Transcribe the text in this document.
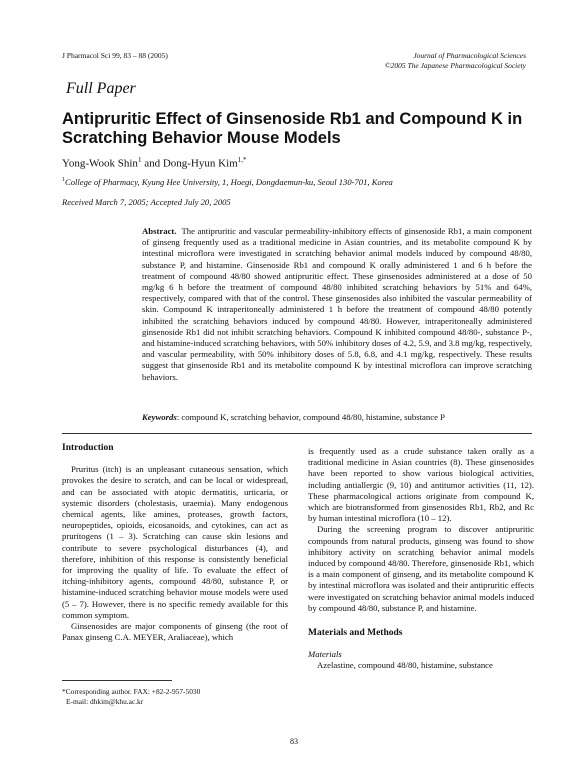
J Pharmacol Sci 99, 83 – 88 (2005)	Journal of Pharmacological Sciences
©2005 The Japanese Pharmacological Society
Full Paper
Antipruritic Effect of Ginsenoside Rb1 and Compound K in Scratching Behavior Mouse Models
Yong-Wook Shin$^1$ and Dong-Hyun Kim$^{1,*}$
$^1$College of Pharmacy, Kyung Hee University, 1, Hoegi, Dongdaemun-ku, Seoul 130-701, Korea
Received March 7, 2005; Accepted July 20, 2005
Abstract. The antipruritic and vascular permeability-inhibitory effects of ginsenoside Rb1, a main component of ginseng frequently used as a traditional medicine in Asian countries, and its metabolite compound K by intestinal microflora were investigated in scratching behavior animal models induced by compound 48/80, substance P, and histamine. Ginsenoside Rb1 and compound K orally administered 1 and 6 h before the treatment of compound 48/80 showed antipruritic effect. These ginsenosides administered at a dose of 50 mg/kg 6 h before the treatment of compound 48/80 inhibited scratching behaviors by 51% and 64%, respectively, compared with that of the control. These ginsenosides also inhibited the vascular permeability of skin. Compound K intraperitoneally administered 1 h before the treatment of compound 48/80 potently inhibited the scratching behaviors induced by compound 48/80. However, intraperitoneally administered ginsenoside Rb1 did not inhibit scratching behaviors. Compound K inhibited compound 48/80-, substance P-, and histamine-induced scratching behaviors, with 50% inhibitory doses of 4.2, 5.9, and 3.8 mg/kg, respectively, and vascular permeability, with 50% inhibitory doses of 5.8, 6.8, and 4.1 mg/kg, respectively. These results suggest that ginsenoside Rb1 and its metabolite compound K by intestinal microflora can improve scratching behaviors.
Keywords: compound K, scratching behavior, compound 48/80, histamine, substance P
Introduction

Pruritus (itch) is an unpleasant cutaneous sensation, which provokes the desire to scratch, and can be local or widespread, and can be associated with atopic dermatitis, urticaria, or systemic disorders (cholestasis, uraemia). Many endogenous chemical agents, like amines, proteases, growth factors, neuropeptides, opioids, eicosanoids, and cytokines, can act as pruritogens (1 – 3). Scratching can cause skin lesions and contribute to severe psychological disturbances (4), and therefore, inhibition of this response is consistently beneficial for improving the quality of life. To evaluate the effect of itching-inhibitory agents, compound 48/80, substance P, or histamine-induced scratching behavior mouse models were used (5 – 7). However, there is no specific remedy available for this common symptom.

Ginsenosides are major components of ginseng (the root of Panax ginseng C.A. MEYER, Araliaceae), which

is frequently used as a crude substance taken orally as a traditional medicine in Asian countries (8). These ginsenosides have been reported to show various biological activities, including antiallergic (9, 10) and antitumor activities (11, 12). These pharmacological actions originate from compound K, which are biotransformed from ginsenosides Rb1, Rb2, and Rc by human intestinal microflora (10 – 12).

During the screening program to discover antipruritic compounds from natural products, ginseng was found to show inhibitory activity on scratching behavior animal models induced by compound 48/80. Therefore, ginsenoside Rb1, which is a main component of ginseng, and its metabolite compound K by intestinal microflora was isolated and their antipruritic effects were investigated on scratching behavior animal models induced by compound 48/80, substance P, and histamine.

Materials and Methods

Materials

Azelastine, compound 48/80, histamine, substance

*Corresponding author. FAX: +82-2-957-5030
E-mail: dhkim@khu.ac.kr
83
